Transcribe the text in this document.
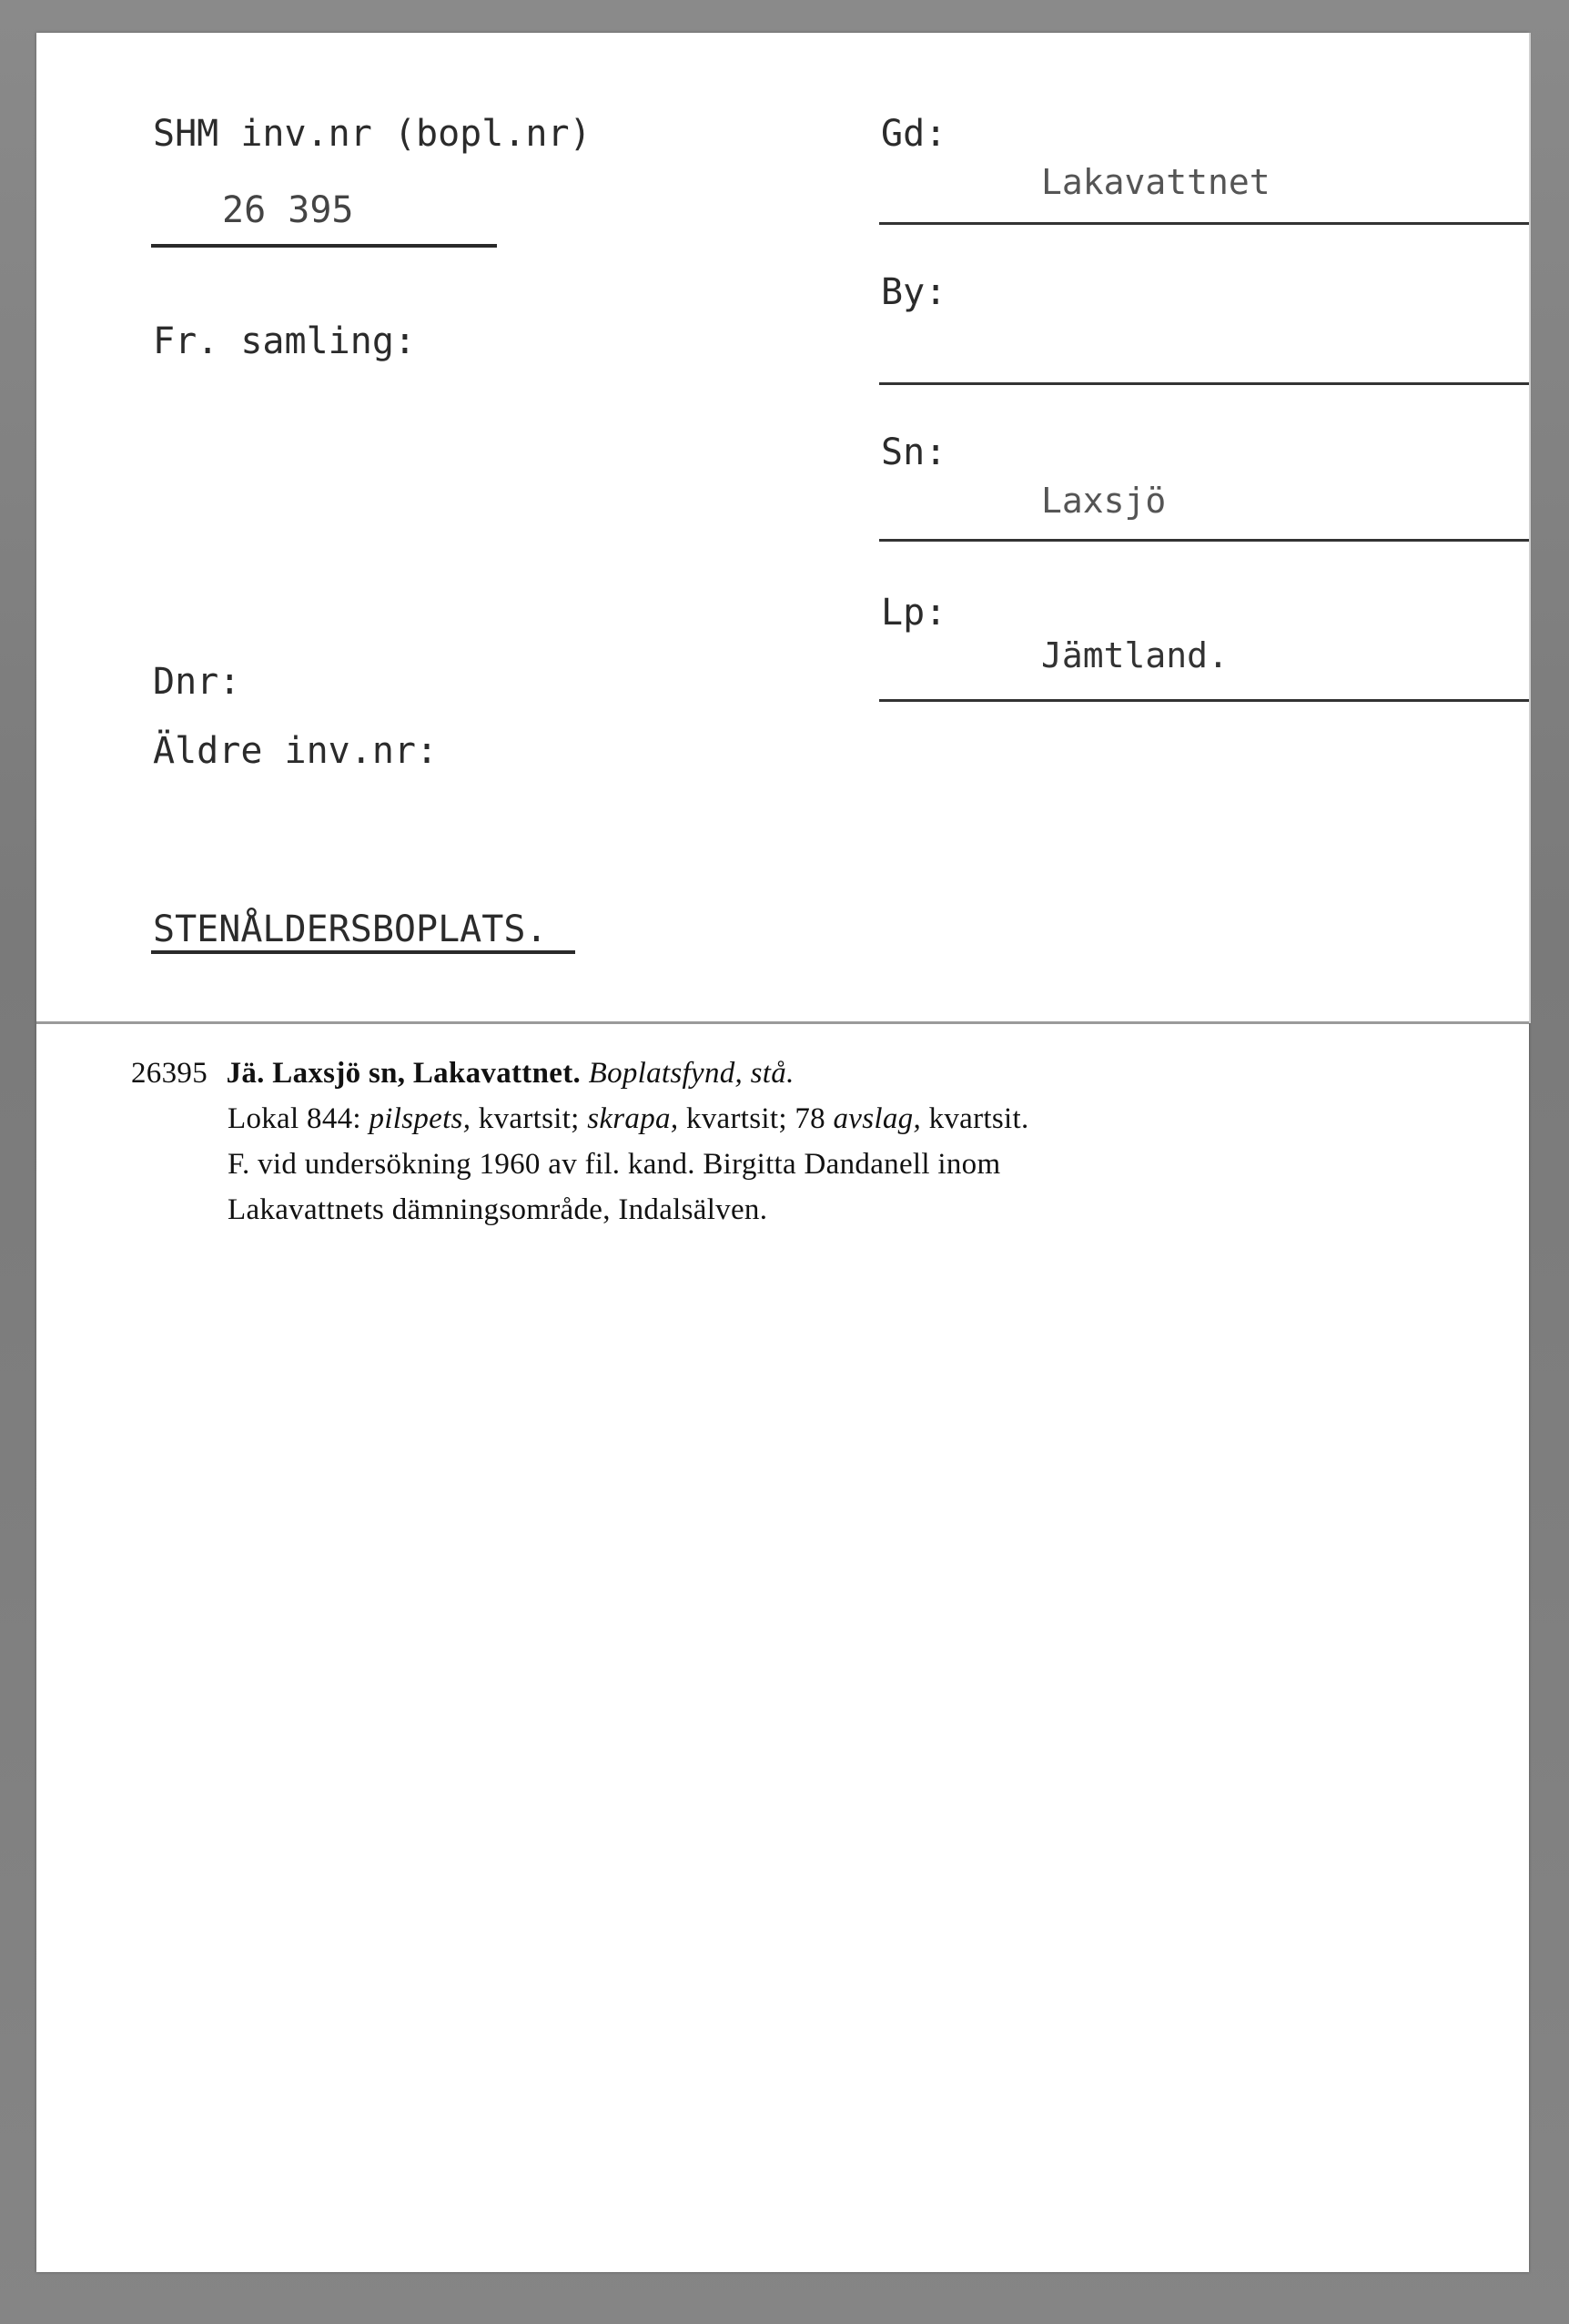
SHM inv.nr (bopl.nr)
26 395
Fr. samling:
Dnr:
Äldre inv.nr:
STENÅLDERSBOPLATS.
Gd:
Lakavattnet
By:
Sn:
Laxsjö
Lp:
Jämtland.
26395 Jä. Laxsjö sn, Lakavattnet. Boplatsfynd, stå.
Lokal 844: pilspets, kvartsit; skrapa, kvartsit; 78 avslag, kvartsit.
F. vid undersökning 1960 av fil. kand. Birgitta Dandanell inom
Lakavattnets dämningsområde, Indalsälven.
